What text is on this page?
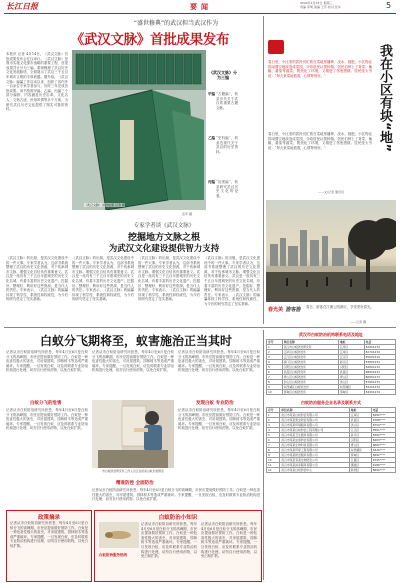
长江日报	要闻	2020年4月15日 星期三
责编 李明 美编 王芳 校对 张华	5
“盛世修典”的武汉担当武汉作为
《武汉文脉》首批成果发布
本报讯 记者 4月14日，《武汉文脉》首批成果发布会在汉举行。《武汉文脉》是我市实施文化强市战略的重要工程，首批成果共计分为三编，系统梳理了武汉历史文化发展脉络，全面展示了武汉三千五百年城市文明的丰厚底蕴。据介绍，《武汉文脉》编纂工作启动以来，组织了省内外一百余位专家学者参与，历时三年完成首批成果。该书按照甲编、乙编、丙编三个部分编排，内容涵盖历史沿革、文化名人、文物古迹、民俗风情等多个方面，为研究武汉历史文化提供了翔实可靠的资料。
《武汉文脉》首批成果 记者 摄
张军 摄
《武汉文脉》分为三编
甲编 “古籍编”，收录历代关于武汉的重要古籍文献。
乙编 “史料编”，收录近现代关于武汉的历史资料。
丙编 “论著编”，收录研究武汉历史文化的论著。
专家学者谈《武汉文脉》
挖掘地方文脉之根
为武汉文化建设提供智力支持
《武汉文脉》的出版，是武汉文化建设中的一件大事。专家学者认为，这部书系统整理了武汉的历史文化资源，对于传承城市文脉、增强文化自信具有重要意义。武汉是一座具有三千五百年建城史的历史文化名城，有着丰富的历史文化遗产。挖掘好、整理好、利用好这些资源，是当代人的责任。专家表示，《武汉文脉》的编纂体现了科学性、系统性和权威性，为今后的研究奠定了坚实基础。
《武汉文脉》的出版，是武汉文化建设中的一件大事。专家学者认为，这部书系统整理了武汉的历史文化资源，对于传承城市文脉、增强文化自信具有重要意义。武汉是一座具有三千五百年建城史的历史文化名城，有着丰富的历史文化遗产。挖掘好、整理好、利用好这些资源，是当代人的责任。专家表示，《武汉文脉》的编纂体现了科学性、系统性和权威性，为今后的研究奠定了坚实基础。
《武汉文脉》的出版，是武汉文化建设中的一件大事。专家学者认为，这部书系统整理了武汉的历史文化资源，对于传承城市文脉、增强文化自信具有重要意义。武汉是一座具有三千五百年建城史的历史文化名城，有着丰富的历史文化遗产。挖掘好、整理好、利用好这些资源，是当代人的责任。专家表示，《武汉文脉》的编纂体现了科学性、系统性和权威性，为今后的研究奠定了坚实基础。
《武汉文脉》的出版，是武汉文化建设中的一件大事。专家学者认为，这部书系统整理了武汉的历史文化资源，对于传承城市文脉、增强文化自信具有重要意义。武汉是一座具有三千五百年建城史的历史文化名城，有着丰富的历史文化遗产。挖掘好、整理好、利用好这些资源，是当代人的责任。专家表示，《武汉文脉》的编纂体现了科学性、系统性和权威性，为今后的研究奠定了坚实基础。
我在小区有块“地”
春日里，小区里的居民们忙着在菜地里播种、浇水、施肥。小区物业将闲置空地改造成菜园，分给居民认领种植，居民们种上了青菜、辣椒、番茄等蔬菜，既美化了环境，又增进了邻里感情。居民张大爷说：“每天来菜地看看，心情特别好。”
春日里，小区里的居民们忙着在菜地里播种、浇水、施肥。小区物业将闲置空地改造成菜园，分给居民认领种植，居民们种上了青菜、辣椒、番茄等蔬菜，既美化了环境，又增进了邻里感情。居民张大爷说：“每天来菜地看看，心情特别好。”
——文/记者 通讯员
春光美 游客游 春日，游客在江滩公园游玩，享受美好春光。
——记者 摄
白蚁分飞期将至，蚁害施治正当其时
记者从市白蚁防治研究所获悉，每年4月至6月是白蚁分飞的高峰期，市民应提前做好预防工作。白蚁是一种危害性极大的害虫，对房屋建筑、园林树木等造成严重破坏。专家提醒，一旦发现白蚁，应及时联系专业防治机构进行处理，切勿自行使用药物，以免白蚁扩散。
记者从市白蚁防治研究所获悉，每年4月至6月是白蚁分飞的高峰期，市民应提前做好预防工作。白蚁是一种危害性极大的害虫，对房屋建筑、园林树木等造成严重破坏。专家提醒，一旦发现白蚁，应及时联系专业防治机构进行处理，切勿自行使用药物，以免白蚁扩散。
记者从市白蚁防治研究所获悉，每年4月至6月是白蚁分飞的高峰期，市民应提前做好预防工作。白蚁是一种危害性极大的害虫，对房屋建筑、园林树木等造成严重破坏。专家提醒，一旦发现白蚁，应及时联系专业防治机构进行处理，切勿自行使用药物，以免白蚁扩散。
白蚁分飞的危害
记者从市白蚁防治研究所获悉，每年4月至6月是白蚁分飞的高峰期，市民应提前做好预防工作。白蚁是一种危害性极大的害虫，对房屋建筑、园林树木等造成严重破坏。专家提醒，一旦发现白蚁，应及时联系专业防治机构进行处理，切勿自行使用药物，以免白蚁扩散。
市白蚁防治研究所工作人员正在检查白蚁危害情况
发现白蚁 专业防治
记者从市白蚁防治研究所获悉，每年4月至6月是白蚁分飞的高峰期，市民应提前做好预防工作。白蚁是一种危害性极大的害虫，对房屋建筑、园林树木等造成严重破坏。专家提醒，一旦发现白蚁，应及时联系专业防治机构进行处理，切勿自行使用药物，以免白蚁扩散。
精准防控 全面防治
记者从市白蚁防治研究所获悉，每年4月至6月是白蚁分飞的高峰期，市民应提前做好预防工作。白蚁是一种危害性极大的害虫，对房屋建筑、园林树木等造成严重破坏。专家提醒，一旦发现白蚁，应及时联系专业防治机构进行处理，切勿自行使用药物，以免白蚁扩散。
政策摘录
记者从市白蚁防治研究所获悉，每年4月至6月是白蚁分飞的高峰期，市民应提前做好预防工作。白蚁是一种危害性极大的害虫，对房屋建筑、园林树木等造成严重破坏。专家提醒，一旦发现白蚁，应及时联系专业防治机构进行处理，切勿自行使用药物，以免白蚁扩散。
白蚁防治小知识
记者从市白蚁防治研究所获悉，每年4月至6月是白蚁分飞的高峰期，市民应提前做好预防工作。白蚁是一种危害性极大的害虫，对房屋建筑、园林树木等造成严重破坏。专家提醒，一旦发现白蚁，应及时联系专业防治机构进行处理，切勿自行使用药物，以免白蚁扩散。
记者从市白蚁防治研究所获悉，每年4月至6月是白蚁分飞的高峰期，市民应提前做好预防工作。白蚁是一种危害性极大的害虫，对房屋建筑、园林树木等造成严重破坏。专家提醒，一旦发现白蚁，应及时联系专业防治机构进行处理，切勿自行使用药物，以免白蚁扩散。
白蚁防治服务热线
武汉市白蚁防治机构联系电话及地址
序号	单位名称	地址	电话
1	武汉市白蚁防治研究所	江岸区	82801234
2	江岸区白蚁防治所	江岸区	82701234
3	江汉区白蚁防治所	江汉区	85601234
4	硚口区白蚁防治所	硚口区	83801234
5	汉阳区白蚁防治所	汉阳区	84801234
6	武昌区白蚁防治所	武昌区	88801234
7	青山区白蚁防治所	青山区	86801234
8	洪山区白蚁防治所	洪山区	87801234
9	东西湖区白蚁防治所	东西湖区	83201234
10	蔡甸区白蚁防治所	蔡甸区	84901234
白蚁防治服务企业名录及联系方式
序号	单位名称	地址	电话
1	武汉市某某白蚁防治有限公司	江岸区	8280****
2	武汉市某某害虫防治有限公司	武昌区	8788****
3	武汉市某某环境服务有限公司	洪山区	8759****
4	武汉市某某白蚁防治工程有限公司	江汉区	8561****
5	武汉市某某卫生服务有限公司	硚口区	8382****
6	武汉市某某虫害防治有限公司	汉阳区	8483****
7	武汉市某某生物科技有限公司	青山区	8682****
8	武汉市某某环保工程有限公司	东西湖区	8326****
9	武汉市某某防治服务有限公司	蔡甸区	8492****
10	武汉市某某有害生物防治公司	江夏区	8795****
11	武汉市某某消杀服务有限公司	黄陂区	6186****
12	武汉市某某白蚁防治中心	新洲区	8690****
